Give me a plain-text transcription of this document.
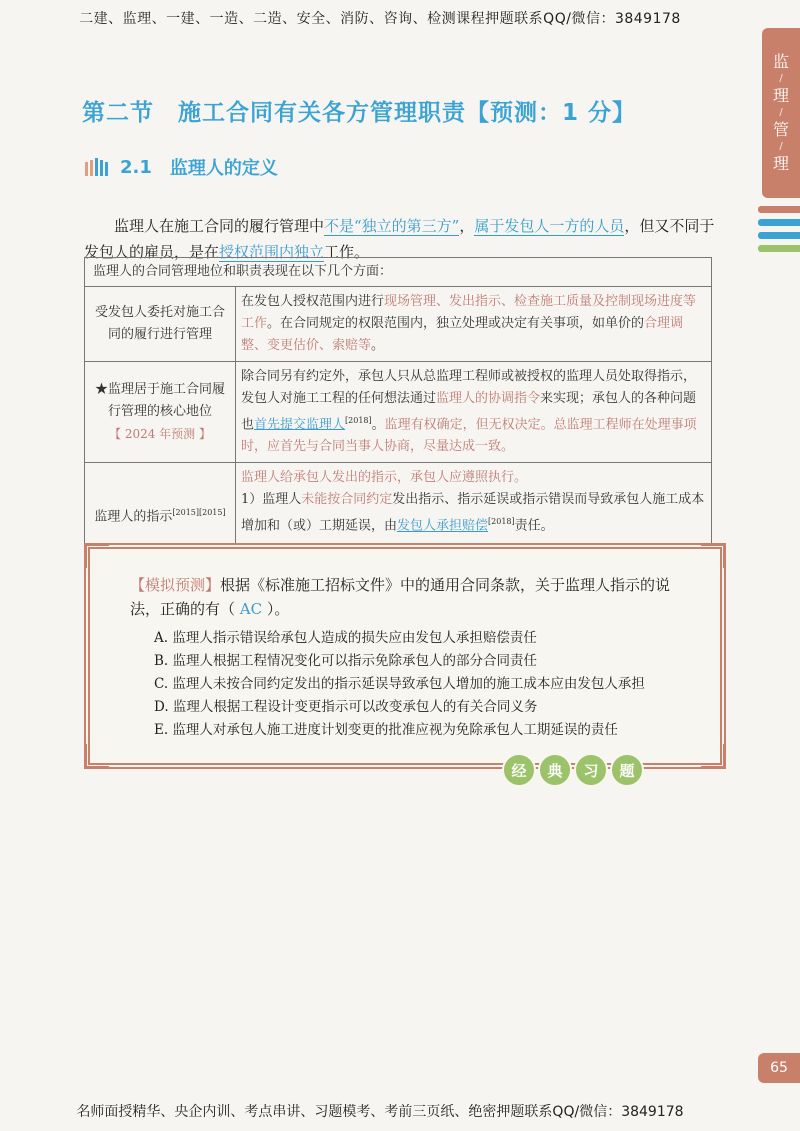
二建、监理、一建、一造、二造、安全、消防、咨询、检测课程押题联系QQ/微信：3849178
监
/
理
/
管
/
理
第二节 施工合同有关各方管理职责【预测：1 分】
2.1 监理人的定义

监理人在施工合同的履行管理中不是“独立的第三方”，属于发包人一方的人员，但又不同于发包人的雇员，是在授权范围内独立工作。

监理人的合同管理地位和职责表现在以下几个方面：	
受发包人委托对施工合同的履行进行管理	在发包人授权范围内进行现场管理、发出指示、检查施工质量及控制现场进度等工作。在合同规定的权限范围内，独立处理或决定有关事项，如单价的合理调整、变更估价、索赔等。
★监理居于施工合同履行管理的核心地位
【 2024 年预测 】	除合同另有约定外，承包人只从总监理工程师或被授权的监理人员处取得指示，发包人对施工工程的任何想法通过监理人的协调指令来实现；承包人的各种问题也首先提交监理人[2018]。监理有权确定，但无权决定。总监理工程师在处理事项时，应首先与合同当事人协商，尽量达成一致。
监理人的指示[2015][2015]	监理人给承包人发出的指示，承包人应遵照执行。
1）监理人未能按合同约定发出指示、指示延误或指示错误而导致承包人施工成本增加和（或）工期延误，由发包人承担赔偿[2018]责任。
【模拟预测】根据《标准施工招标文件》中的通用合同条款，关于监理人指示的说法，正确的有（ AC ）。
A. 监理人指示错误给承包人造成的损失应由发包人承担赔偿责任
B. 监理人根据工程情况变化可以指示免除承包人的部分合同责任
C. 监理人未按合同约定发出的指示延误导致承包人增加的施工成本应由发包人承担
D. 监理人根据工程设计变更指示可以改变承包人的有关合同义务
E. 监理人对承包人施工进度计划变更的批准应视为免除承包人工期延误的责任
经	典	习	题
65
名师面授精华、央企内训、考点串讲、习题模考、考前三页纸、绝密押题联系QQ/微信：3849178
